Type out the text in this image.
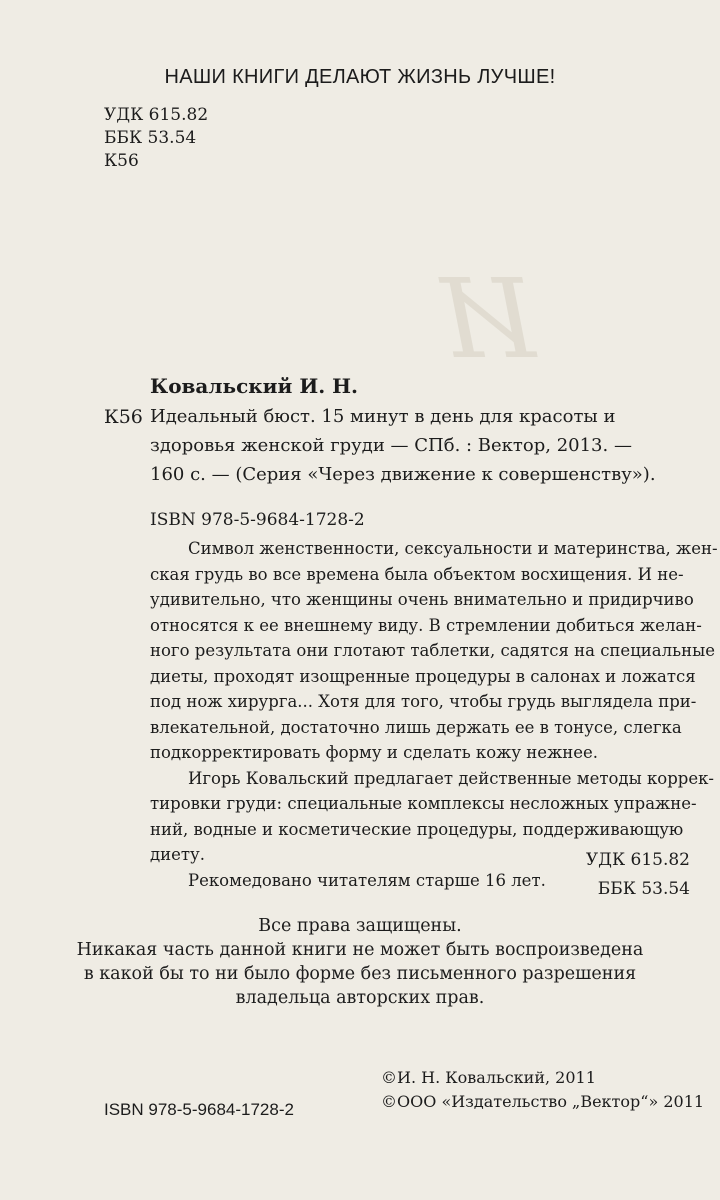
И
НАШИ КНИГИ ДЕЛАЮТ ЖИЗНЬ ЛУЧШЕ!
УДК 615.82
ББК 53.54
К56
Ковальский И. Н.
К56 Идеальный бюст. 15 минут в день для красоты и
здоровья женской груди — СПб. : Вектор, 2013. —
160 с. — (Серия «Через движение к совершенству»).
ISBN 978-5-9684-1728-2
Символ женственности, сексуальности и материнства, жен-
ская грудь во все времена была объектом восхищения. И не-
удивительно, что женщины очень внимательно и придирчиво
относятся к ее внешнему виду. В стремлении добиться желан-
ного результата они глотают таблетки, садятся на специальные
диеты, проходят изощренные процедуры в салонах и ложатся
под нож хирурга... Хотя для того, чтобы грудь выглядела при-
влекательной, достаточно лишь держать ее в тонусе, слегка
подкорректировать форму и сделать кожу нежнее.
Игорь Ковальский предлагает действенные методы коррек-
тировки груди: специальные комплексы несложных упражне-
ний, водные и косметические процедуры, поддерживающую
диету.
Рекомедовано читателям старше 16 лет.
УДК 615.82
ББК 53.54
Все права защищены.
Никакая часть данной книги не может быть воспроизведена
в какой бы то ни было форме без письменного разрешения
владельца авторских прав.
©И. Н. Ковальский, 2011
©ООО «Издательство „Вектор“» 2011
ISBN 978-5-9684-1728-2
